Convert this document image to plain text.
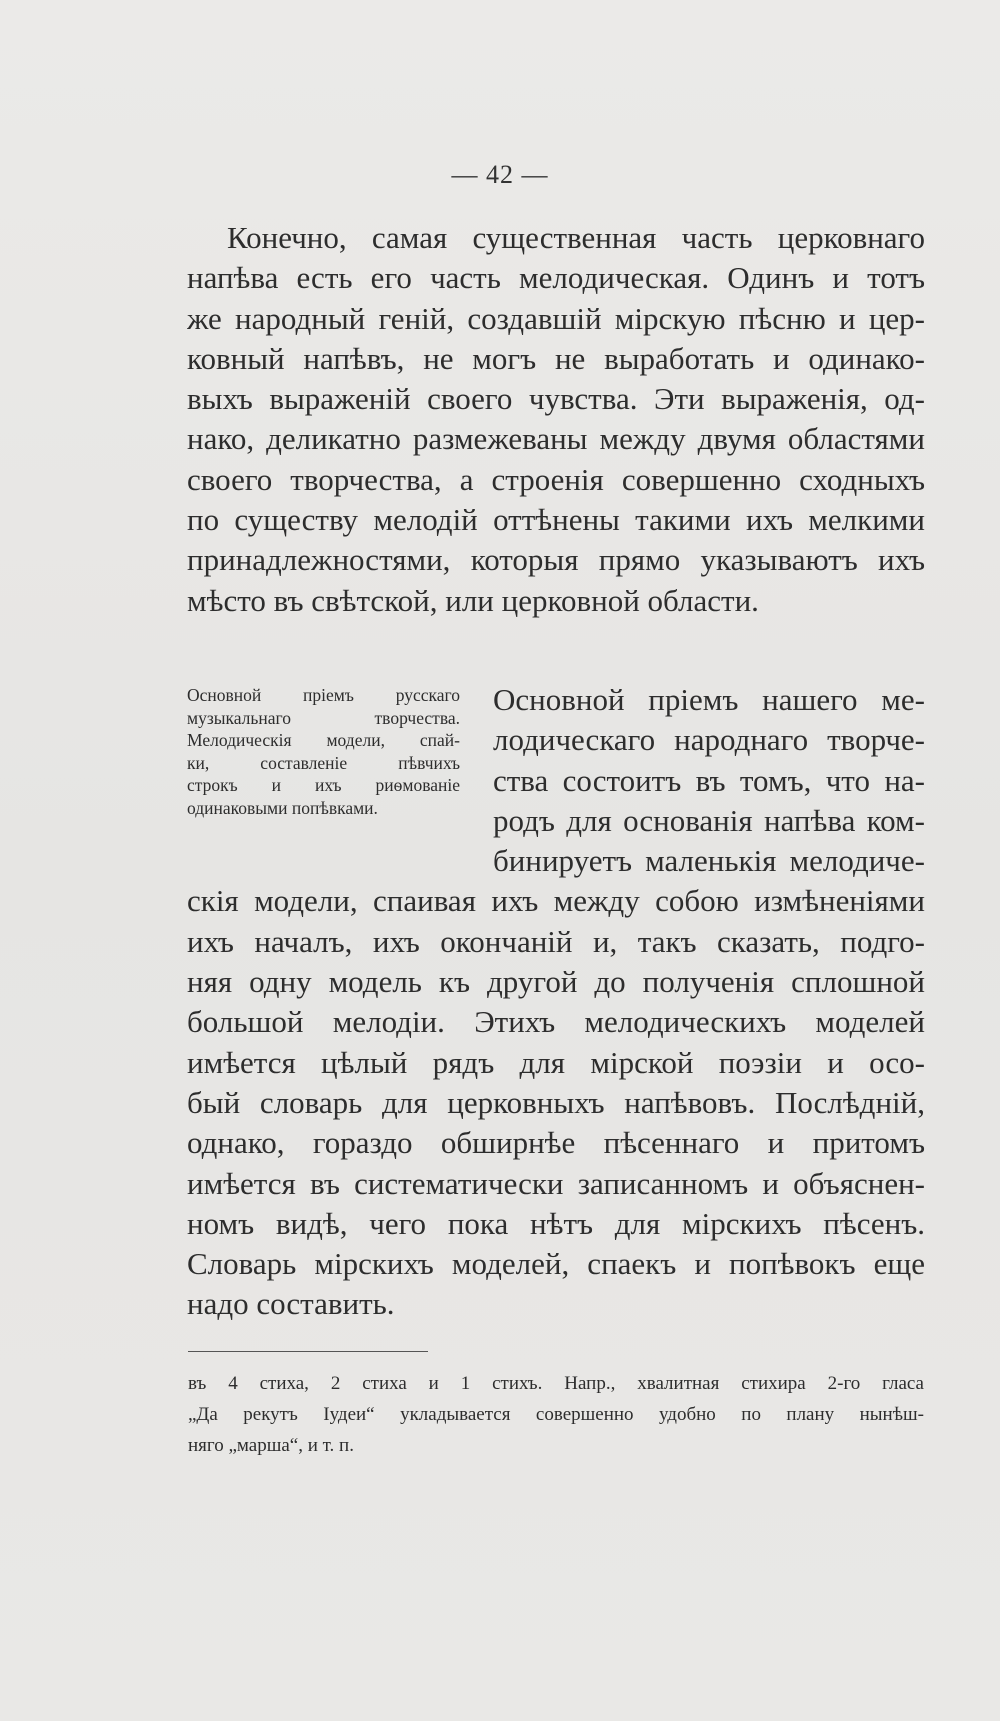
— 42 —
Конечно, самая существенная часть церковнаго
напѣва есть его часть мелодическая. Одинъ и тотъ
же народный геній, создавшій мірскую пѣсню и цер-
ковный напѣвъ, не могъ не выработать и одинако-
выхъ выраженій своего чувства. Эти выраженія, од-
нако, деликатно размежеваны между двумя областями
своего творчества, а строенія совершенно сходныхъ
по существу мелодій оттѣнены такими ихъ мелкими
принадлежностями, которыя прямо указываютъ ихъ
мѣсто въ свѣтской, или церковной области.
Основной пріемъ русскаго
музыкальнаго творчества.
Мелодическія модели, спай-
ки, составленіе пѣвчихъ
строкъ и ихъ риѳмованіе
одинаковыми попѣвками.
Основной пріемъ нашего ме-
лодическаго народнаго творче-
ства состоитъ въ томъ, что на-
родъ для основанія напѣва ком-
бинируетъ маленькія мелодиче-
скія модели, спаивая ихъ между собою измѣненіями
ихъ началъ, ихъ окончаній и, такъ сказать, подго-
няя одну модель къ другой до полученія сплошной
большой мелодіи. Этихъ мелодическихъ моделей
имѣется цѣлый рядъ для мірской поэзіи и осо-
бый словарь для церковныхъ напѣвовъ. Послѣдній,
однако, гораздо обширнѣе пѣсеннаго и притомъ
имѣется въ систематически записанномъ и объяснен-
номъ видѣ, чего пока нѣтъ для мірскихъ пѣсенъ.
Словарь мірскихъ моделей, спаекъ и попѣвокъ еще
надо составить.
въ 4 стиха, 2 стиха и 1 стихъ. Напр., хвалитная стихира 2-го гласа
„Да рекутъ Іудеи“ укладывается совершенно удобно по плану нынѣш-
няго „марша“, и т. п.
